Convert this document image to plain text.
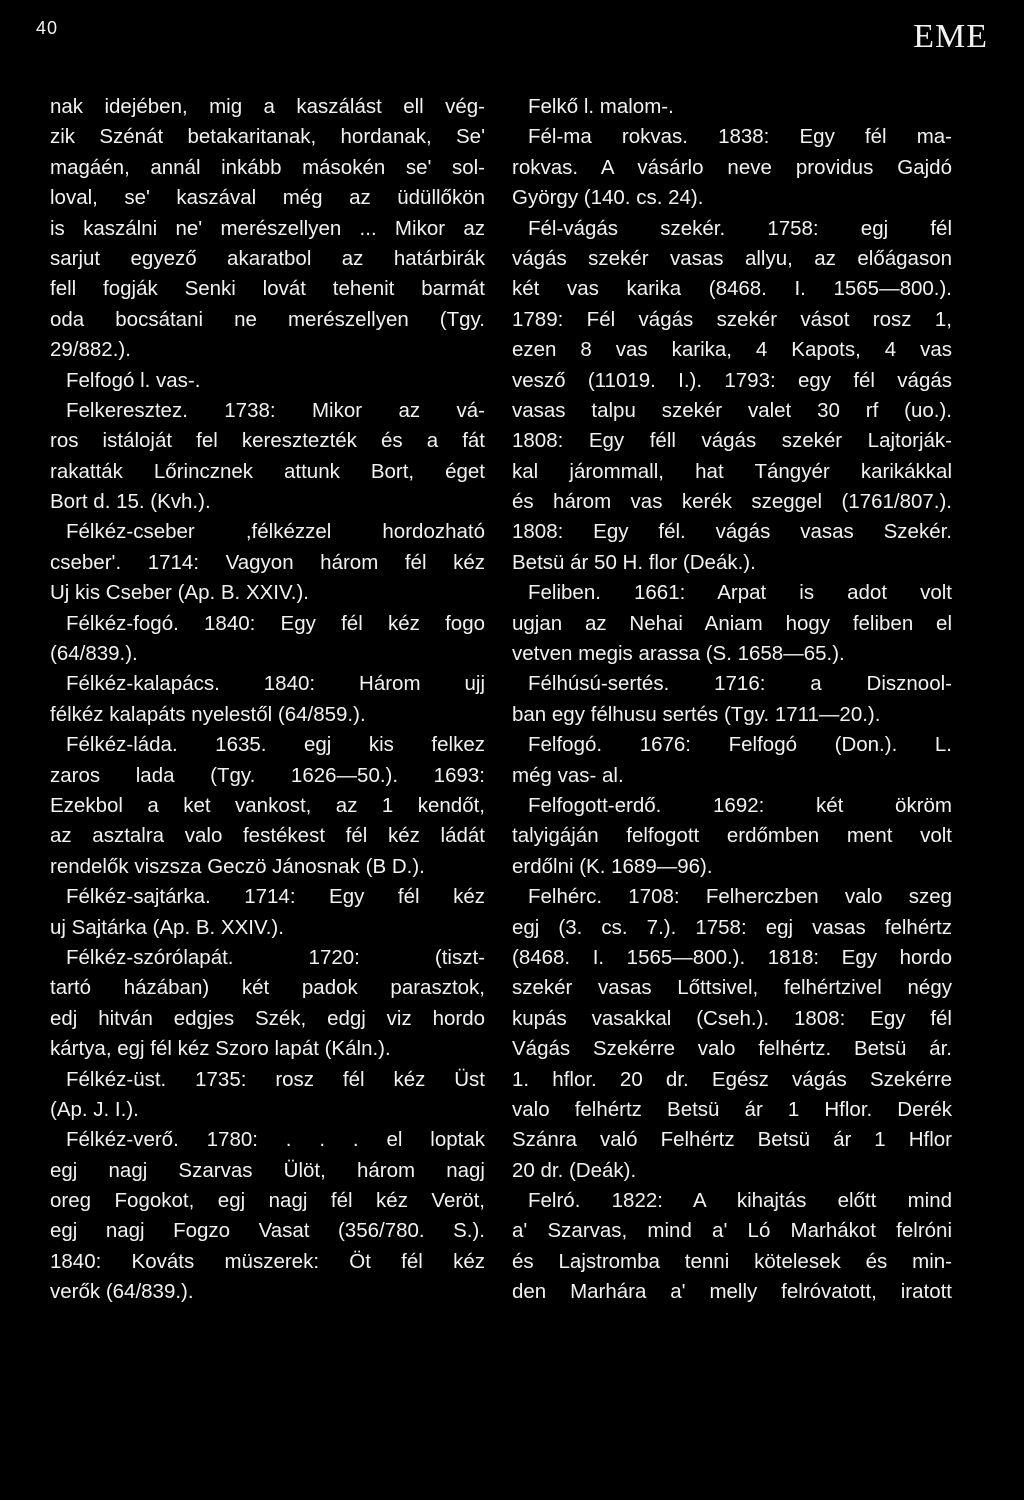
40	EME
nak idejében, mig a kaszálást ell vég-
zik Szénát betakaritanak, hordanak, Se'
magáén, annál inkább másokén se' sol-
loval, se' kaszával még az üdüllőkön
is kaszálni ne' merészellyen ... Mikor az
sarjut egyező akaratbol az határbirák
fell fogják Senki lovát tehenit barmát
oda bocsátani ne merészellyen (Tgy.
29/882.).
Felfogó l. vas-.
Felkeresztez. 1738: Mikor az vá-
ros istáloját fel keresztezték és a fát
rakatták Lőrincznek attunk Bort, éget
Bort d. 15. (Kvh.).
Félkéz-cseber ,félkézzel hordozható
cseber'. 1714: Vagyon három fél kéz
Uj kis Cseber (Ap. B. XXIV.).
Félkéz-fogó. 1840: Egy fél kéz fogo
(64/839.).
Félkéz-kalapács. 1840: Három ujj
félkéz kalapáts nyelestől (64/859.).
Félkéz-láda. 1635. egj kis felkez
zaros lada (Tgy. 1626—50.). 1693:
Ezekbol a ket vankost, az 1 kendőt,
az asztalra valo festékest fél kéz ládát
rendelők viszsza Geczö Jánosnak (B D.).
Félkéz-sajtárka. 1714: Egy fél kéz
uj Sajtárka (Ap. B. XXIV.).
Félkéz-szórólapát. 1720: (tiszt-
tartó házában) két padok parasztok,
edj hitván edgjes Szék, edgj viz hordo
kártya, egj fél kéz Szoro lapát (Káln.).
Félkéz-üst. 1735: rosz fél kéz Üst
(Ap. J. I.).
Félkéz-verő. 1780: . . . el loptak
egj nagj Szarvas Ülöt, három nagj
oreg Fogokot, egj nagj fél kéz Veröt,
egj nagj Fogzo Vasat (356/780. S.).
1840: Kováts müszerek: Öt fél kéz
verők (64/839.).
Felkő l. malom-.
Fél-ma rokvas. 1838: Egy fél ma-
rokvas. A vásárlo neve providus Gajdó
György (140. cs. 24).
Fél-vágás szekér. 1758: egj fél
vágás szekér vasas allyu, az előágason
két vas karika (8468. I. 1565—800.).
1789: Fél vágás szekér vásot rosz 1,
ezen 8 vas karika, 4 Kapots, 4 vas
vesző (11019. I.). 1793: egy fél vágás
vasas talpu szekér valet 30 rf (uo.).
1808: Egy féll vágás szekér Lajtorják-
kal járommall, hat Tángyér karikákkal
és három vas kerék szeggel (1761/807.).
1808: Egy fél. vágás vasas Szekér.
Betsü ár 50 H. flor (Deák.).
Feliben. 1661: Arpat is adot volt
ugjan az Nehai Aniam hogy feliben el
vetven megis arassa (S. 1658—65.).
Félhúsú-sertés. 1716: a Disznool-
ban egy félhusu sertés (Tgy. 1711—20.).
Felfogó. 1676: Felfogó (Don.). L.
még vas- al.
Felfogott-erdő. 1692: két ökröm
talyigáján felfogott erdőmben ment volt
erdőlni (K. 1689—96).
Felhérc. 1708: Felherczben valo szeg
egj (3. cs. 7.). 1758: egj vasas felhértz
(8468. I. 1565—800.). 1818: Egy hordo
szekér vasas Lőttsivel, felhértzivel négy
kupás vasakkal (Cseh.). 1808: Egy fél
Vágás Szekérre valo felhértz. Betsü ár.
1. hflor. 20 dr. Egész vágás Szekérre
valo felhértz Betsü ár 1 Hflor. Derék
Szánra való Felhértz Betsü ár 1 Hflor
20 dr. (Deák).
Felró. 1822: A kihajtás előtt mind
a' Szarvas, mind a' Ló Marhákot felróni
és Lajstromba tenni kötelesek és min-
den Marhára a' melly felróvatott, iratott
